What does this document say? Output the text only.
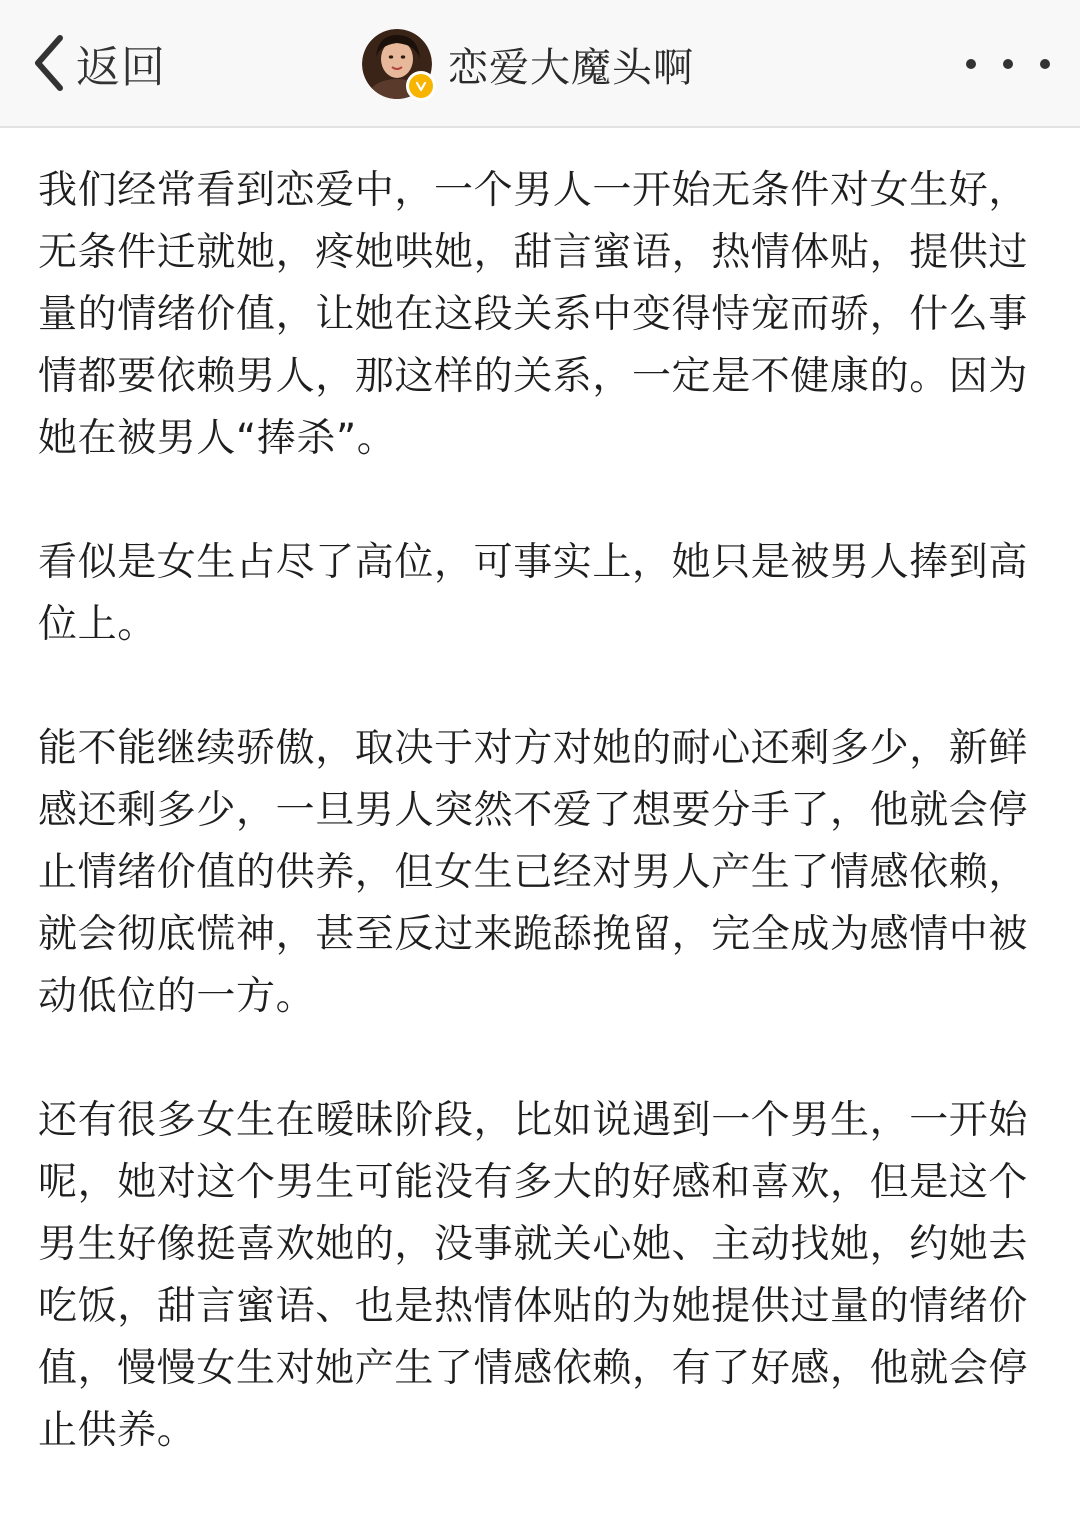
返回	恋爱大魔头啊

我们经常看到恋爱中，一个男人一开始无条件对女生好，无条件迁就她，疼她哄她，甜言蜜语，热情体贴，提供过量的情绪价值，让她在这段关系中变得恃宠而骄，什么事情都要依赖男人，那这样的关系，一定是不健康的。因为她在被男人“捧杀”。

看似是女生占尽了高位，可事实上，她只是被男人捧到高位上。

能不能继续骄傲，取决于对方对她的耐心还剩多少，新鲜感还剩多少，一旦男人突然不爱了想要分手了，他就会停止情绪价值的供养，但女生已经对男人产生了情感依赖，就会彻底慌神，甚至反过来跪舔挽留，完全成为感情中被动低位的一方。

还有很多女生在暧昧阶段，比如说遇到一个男生，一开始呢，她对这个男生可能没有多大的好感和喜欢，但是这个男生好像挺喜欢她的，没事就关心她、主动找她，约她去吃饭，甜言蜜语、也是热情体贴的为她提供过量的情绪价值，慢慢女生对她产生了情感依赖，有了好感，他就会停止供养。
